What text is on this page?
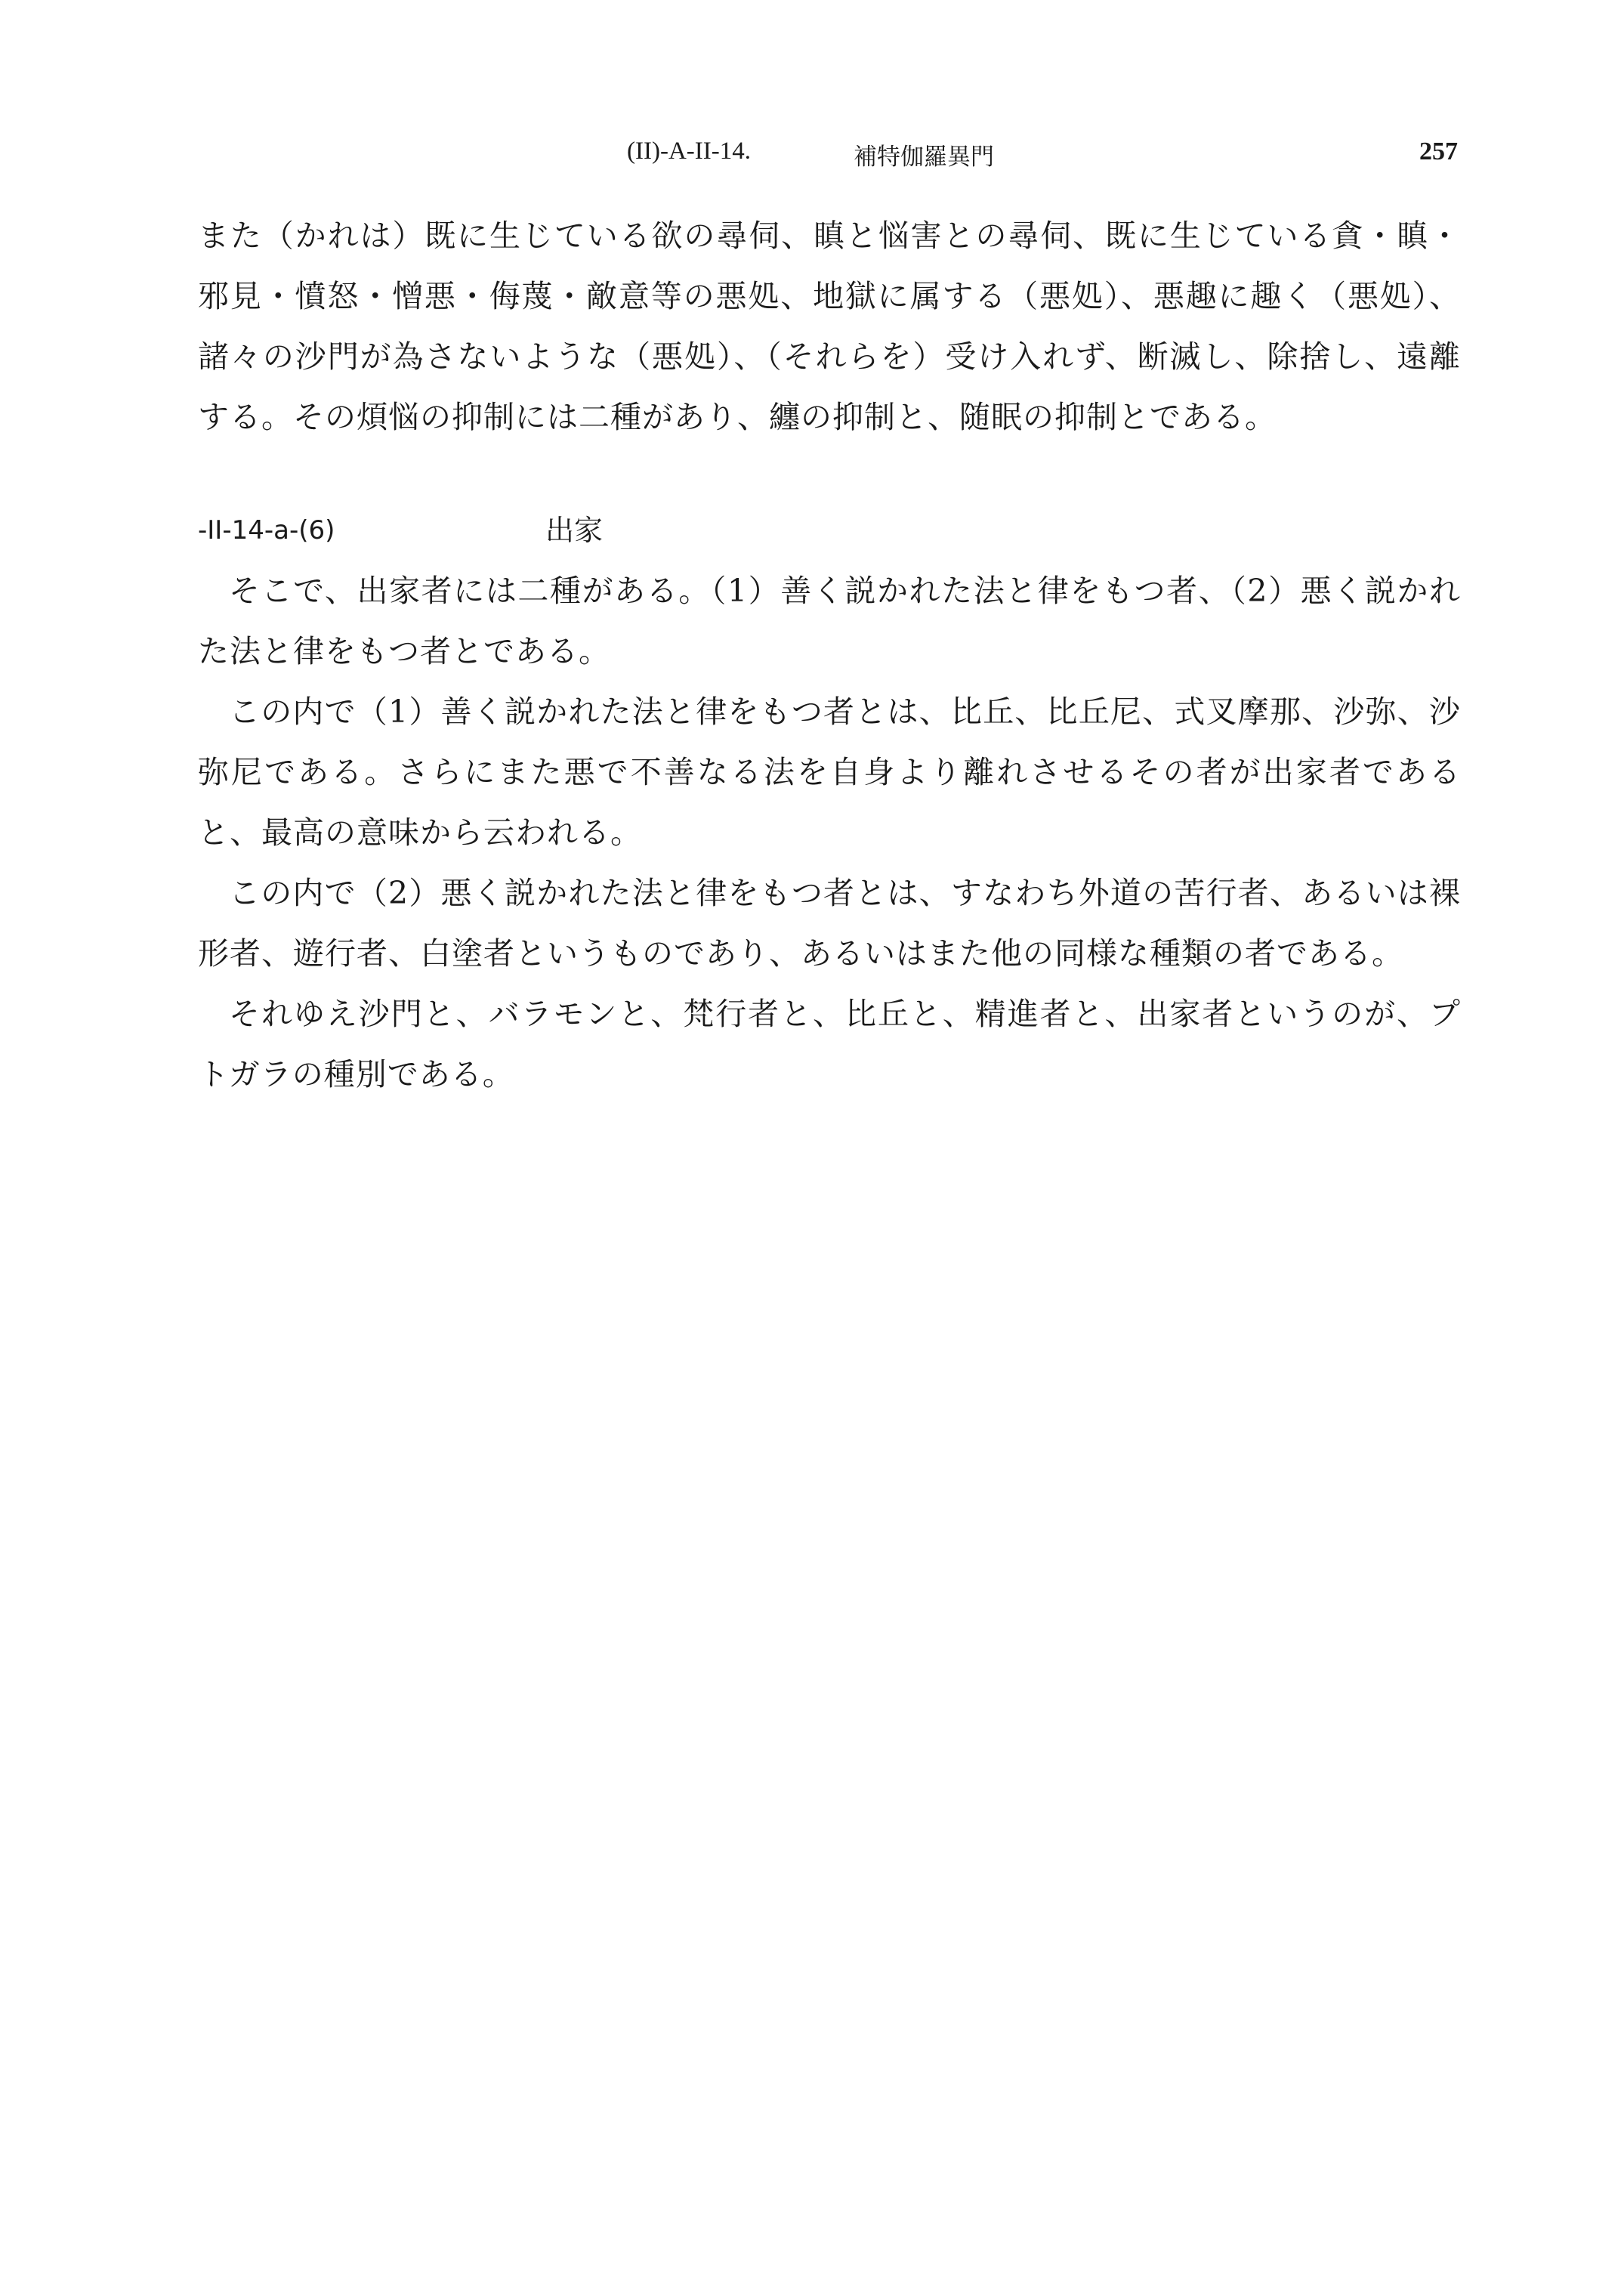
(II)-A-II-14.	補特伽羅異門	257

また（かれは）既に生じている欲の尋伺、瞋と悩害との尋伺、既に生じている貪・瞋・邪見・憤怒・憎悪・侮蔑・敵意等の悪処、地獄に属する（悪処）、悪趣に趣く（悪処）、諸々の沙門が為さないような（悪処）、（それらを）受け入れず、断滅し、除捨し、遠離する。その煩悩の抑制には二種があり、纏の抑制と、随眠の抑制とである。

-II-14-a-(6)	出家

そこで、出家者には二種がある。（1）善く説かれた法と律をもつ者、（2）悪く説かれた法と律をもつ者とである。

この内で（1）善く説かれた法と律をもつ者とは、比丘、比丘尼、式叉摩那、沙弥、沙弥尼である。さらにまた悪で不善なる法を自身より離れさせるその者が出家者であると、最高の意味から云われる。

この内で（2）悪く説かれた法と律をもつ者とは、すなわち外道の苦行者、あるいは裸形者、遊行者、白塗者というものであり、あるいはまた他の同様な種類の者である。

それゆえ沙門と、バラモンと、梵行者と、比丘と、精進者と、出家者というのが、プトガラの種別である。
